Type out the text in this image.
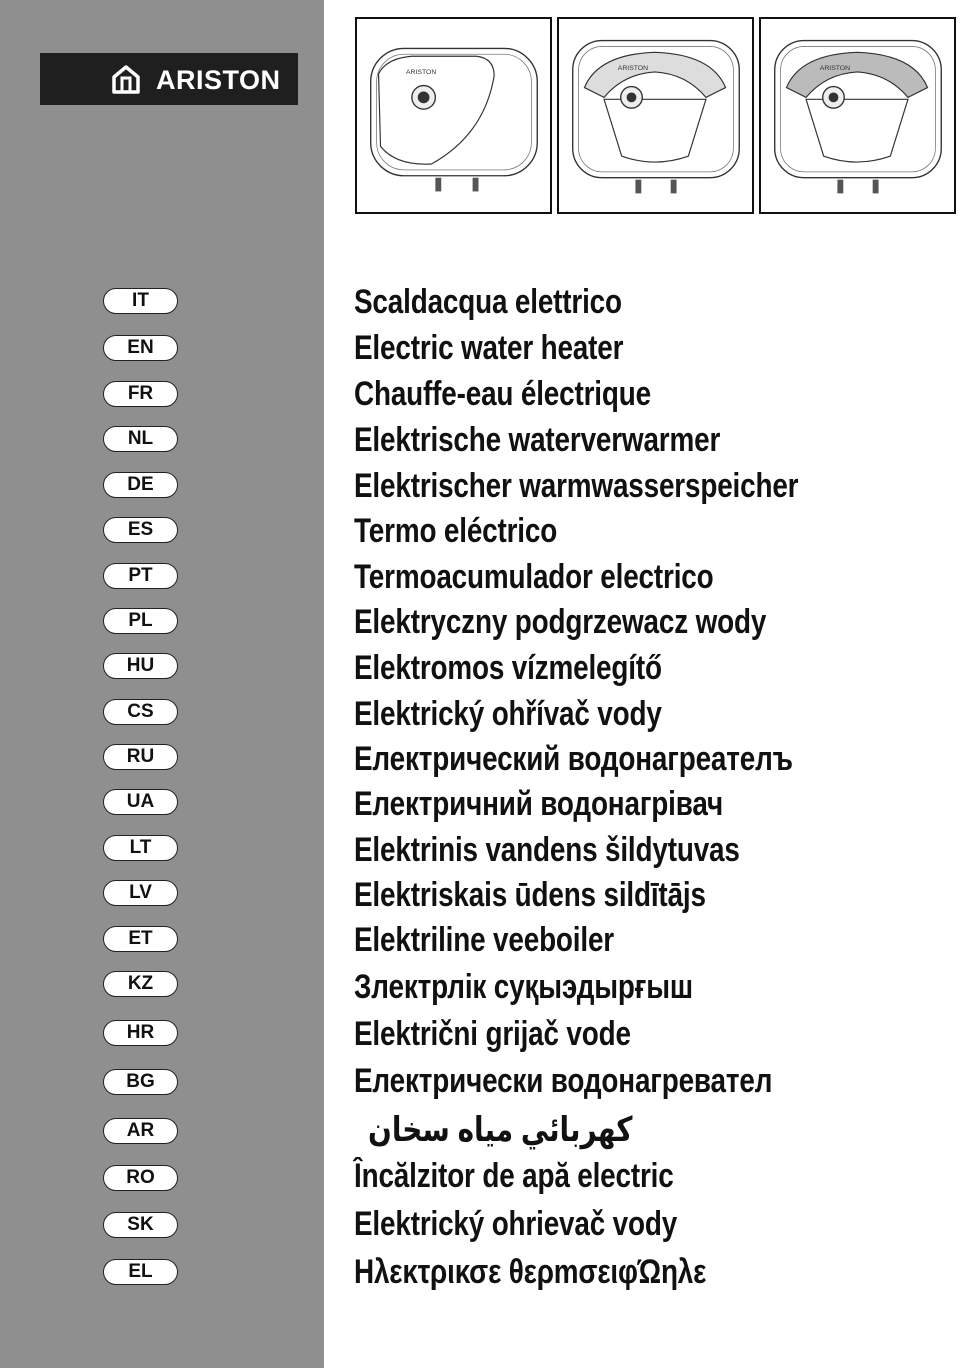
ARISTON
IT
EN
FR
NL
DE
ES
PT
PL
HU
CS
RU
UA
LT
LV
ET
KZ
HR
BG
AR
RO
SK
EL
ARISTON
ARISTON	ARISTON
Scaldacqua elettrico
Electric water heater
Chauffe-eau électrique
Elektrische waterverwarmer
Elektrischer warmwasserspeicher
Termo eléctrico
Termoacumulador electrico
Elektryczny podgrzewacz wody
Elektromos vízmelegítő
Elektrický ohřívač vody
Електрический водонагреателъ
Електричний водонагрівач
Elektrinis vandens šildytuvas
Elektriskais ūdens sildītājs
Elektriline veeboiler
Злектрлік суқыэдырғыш
Električni grijač vode
Електрически водонагревател
كهربائي مياه سخان
Încălzitor de apă electric
Elektrický ohrievač vody
Ηλεκτρικσε θερmσειφΏηλε
